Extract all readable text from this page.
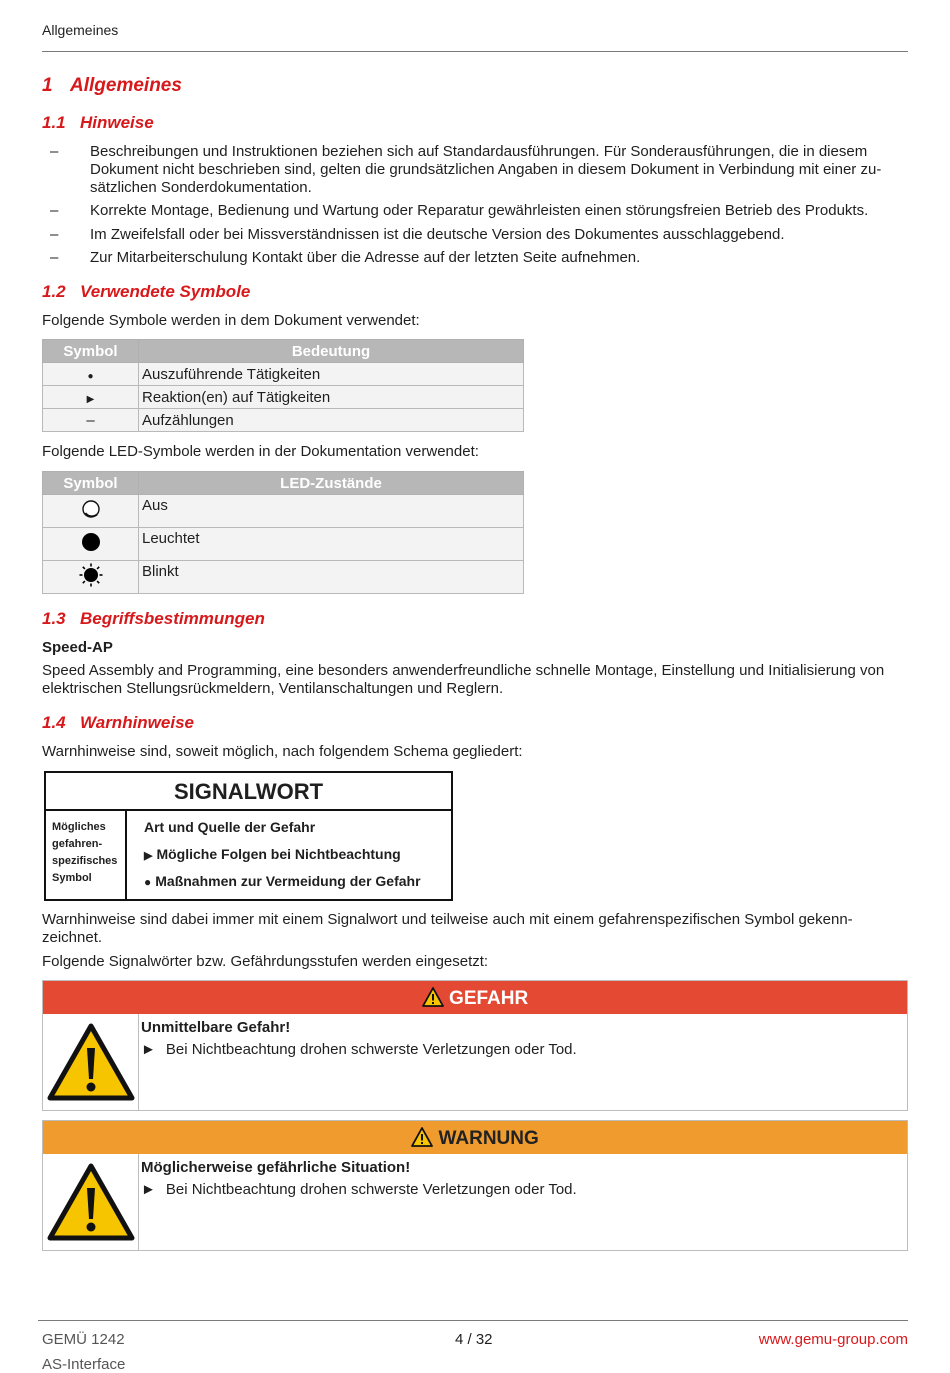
Allgemeines
1 Allgemeines
1.1 Hinweise
– Beschreibungen und Instruktionen beziehen sich auf Standardausführungen. Für Sonderausführungen, die in diesem Dokument nicht beschrieben sind, gelten die grundsätzlichen Angaben in diesem Dokument in Verbindung mit einer zu-sätzlichen Sonderdokumentation.
– Korrekte Montage, Bedienung und Wartung oder Reparatur gewährleisten einen störungsfreien Betrieb des Produkts.
– Im Zweifelsfall oder bei Missverständnissen ist die deutsche Version des Dokumentes ausschlaggebend.
– Zur Mitarbeiterschulung Kontakt über die Adresse auf der letzten Seite aufnehmen.
1.2 Verwendete Symbole
Folgende Symbole werden in dem Dokument verwendet:
Symbol	Bedeutung
●	Auszuführende Tätigkeiten
▶	Reaktion(en) auf Tätigkeiten
–	Aufzählungen
Folgende LED-Symbole werden in der Dokumentation verwendet:
Symbol	LED-Zustände
	Aus
	Leuchtet
	Blinkt
1.3 Begriffsbestimmungen
Speed-AP
Speed Assembly and Programming, eine besonders anwenderfreundliche schnelle Montage, Einstellung und Initialisierung von elektrischen Stellungsrückmeldern, Ventilanschaltungen und Reglern.
1.4 Warnhinweise
Warnhinweise sind, soweit möglich, nach folgendem Schema gegliedert:
SIGNALWORT
Mögliches
gefahren-
spezifisches
Symbol
Art und Quelle der Gefahr
▶ Mögliche Folgen bei Nichtbeachtung
● Maßnahmen zur Vermeidung der Gefahr
Warnhinweise sind dabei immer mit einem Signalwort und teilweise auch mit einem gefahrenspezifischen Symbol gekenn-zeichnet.
Folgende Signalwörter bzw. Gefährdungsstufen werden eingesetzt:
GEFAHR
Unmittelbare Gefahr!
► Bei Nichtbeachtung drohen schwerste Verletzungen oder Tod.
WARNUNG
Möglicherweise gefährliche Situation!
► Bei Nichtbeachtung drohen schwerste Verletzungen oder Tod.
GEMÜ 1242
AS-Interface
4 / 32	www.gemu-group.com
